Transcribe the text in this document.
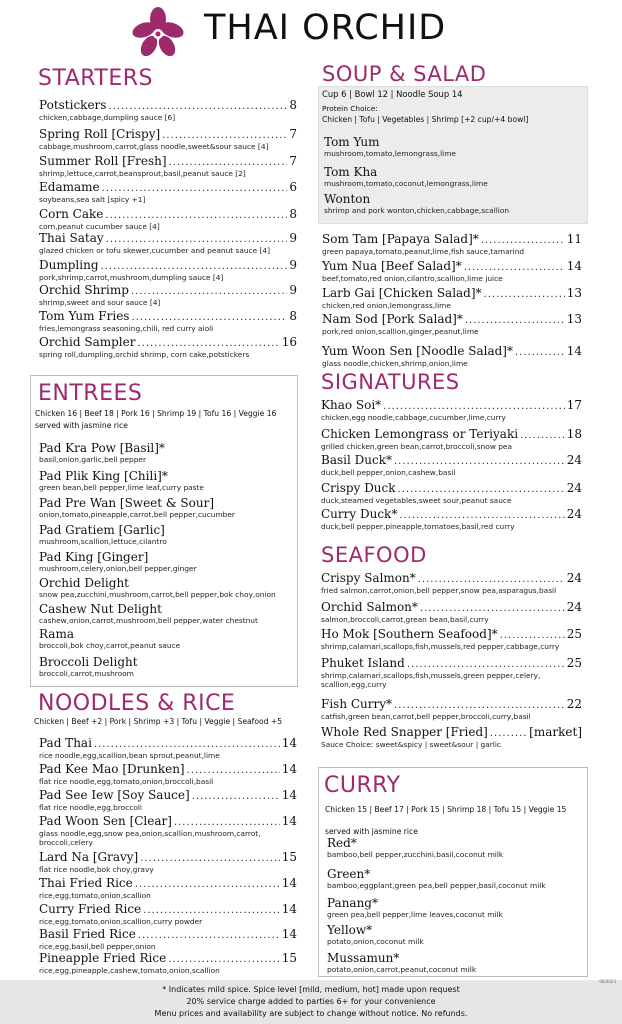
THAI ORCHID
STARTERS
Potstickers .....	8
chicken,cabbage,dumpling sauce [6]
Spring Roll [Crispy] .....	7
cabbage,mushroom,carrot,glass noodle,sweet&sour sauce [4]
Summer Roll [Fresh] .....	7
shrimp,lettuce,carrot,beansprout,basil,peanut sauce [2]
Edamame .....	6
soybeans,sea salt [spicy +1]
Corn Cake .....	8
corn,peanut cucumber sauce [4]
Thai Satay .....	9
glazed chicken or tofu skewer,cucumber and peanut sauce [4]
Dumpling .....	9
pork,shrimp,carrot,mushroom,dumpling sauce [4]
Orchid Shrimp .....	9
shrimp,sweet and sour sauce [4]
Tom Yum Fries .....	8
fries,lemongrass seasoning,chili, red curry aioli
Orchid Sampler .....	16
spring roll,dumpling,orchid shrimp, corn cake,potstickers
ENTREES
Chicken 16 | Beef 18 | Pork 16 | Shrimp 19 | Tofu 16 | Veggie 16
served with jasmine rice
Pad Kra Pow [Basil]*
basil,onion,garlic,bell pepper
Pad Plik King [Chili]*
green bean,bell pepper,lime leaf,curry paste
Pad Pre Wan [Sweet & Sour]
onion,tomato,pineapple,carrot,bell pepper,cucumber
Pad Gratiem [Garlic]
mushroom,scallion,lettuce,cilantro
Pad King [Ginger]
mushroom,celery,onion,bell pepper,ginger
Orchid Delight
snow pea,zucchini,mushroom,carrot,bell pepper,bok choy,onion
Cashew Nut Delight
cashew,onion,carrot,mushroom,bell pepper,water chestnut
Rama
broccoli,bok choy,carrot,peanut sauce
Broccoli Delight
broccoli,carrot,mushroom
NOODLES & RICE
Chicken | Beef +2 | Pork | Shrimp +3 | Tofu | Veggie | Seafood +5
Pad Thai .....	14
rice noodle,egg,scallion,bean sprout,peanut,lime
Pad Kee Mao [Drunken] .....	14
flat rice noodle,egg,tomato,onion,broccoli,basil
Pad See Iew [Soy Sauce] .....	14
flat rice noodle,egg,broccoli
Pad Woon Sen [Clear] .....	14
glass noodle,egg,snow pea,onion,scallion,mushroom,carrot, broccoli,celery
Lard Na [Gravy] .....	15
flat rice noodle,bok choy,gravy
Thai Fried Rice .....	14
rice,egg,tomato,onion,scallion
Curry Fried Rice .....	14
rice,egg,tomato,onion,scallion,curry powder
Basil Fried Rice .....	14
rice,egg,basil,bell pepper,onion
Pineapple Fried Rice .....	15
rice,egg,pineapple,cashew,tomato,onion,scallion
SOUP & SALAD
Cup 6 | Bowl 12 | Noodle Soup 14
Protein Choice:
Chicken | Tofu | Vegetables | Shrimp [+2 cup/+4 bowl]
Tom Yum
mushroom,tomato,lemongrass,lime
Tom Kha
mushroom,tomato,coconut,lemongrass,lime
Wonton
shrimp and pork wonton,chicken,cabbage,scallion
Som Tam [Papaya Salad]* .....	11
green papaya,tomato,peanut,lime,fish sauce,tamarind
Yum Nua [Beef Salad]* .....	14
beef,tomato,red onion,cilantro,scallion,lime juice
Larb Gai [Chicken Salad]* .....	13
chicken,red onion,lemongrass,lime
Nam Sod [Pork Salad]* .....	13
pork,red onion,scallion,ginger,peanut,lime
Yum Woon Sen [Noodle Salad]* .....	14
glass noodle,chicken,shrimp,onion,lime
SIGNATURES
Khao Soi* .....	17
chicken,egg noodle,cabbage,cucumber,lime,curry
Chicken Lemongrass or Teriyaki .....	18
grilled chicken,green bean,carrot,broccoli,snow pea
Basil Duck* .....	24
duck,bell pepper,onion,cashew,basil
Crispy Duck .....	24
duck,steamed vegetables,sweet sour,peanut sauce
Curry Duck* .....	24
duck,bell pepper,pineapple,tomatoes,basil,red curry
SEAFOOD
Crispy Salmon* .....	24
fried salmon,carrot,onion,bell pepper,snow pea,asparagus,basil
Orchid Salmon* .....	24
salmon,broccoli,carrot,grean bean,basil,curry
Ho Mok [Southern Seafood]* .....	25
shrimp,calamari,scallops,fish,mussels,red pepper,cabbage,curry
Phuket Island .....	25
shrimp,calamari,scallops,fish,mussels,green pepper,celery, scallion,egg,curry
Fish Curry* .....	22
catfish,green bean,carrot,bell pepper,broccoli,curry,basil
Whole Red Snapper [Fried] .....	[market]
Sauce Choice: sweet&spicy | sweet&sour | garlic
CURRY
Chicken 15 | Beef 17 | Pork 15 | Shrimp 18 | Tofu 15 | Veggie 15
served with jasmine rice
Red*
bamboo,bell pepper,zucchini,basil,coconut milk
Green*
bamboo,eggplant,green pea,bell pepper,basil,coconut milk
Panang*
green pea,bell pepper,lime leaves,coconut milk
Yellow*
potato,onion,coconut milk
Mussamun*
potato,onion,carrot,peanut,coconut milk
* Indicates mild spice. Spice level [mild, medium, hot] made upon request
20% service charge added to parties 6+ for your convenience
Menu prices and availability are subject to change without notice. No refunds.
06/2023
